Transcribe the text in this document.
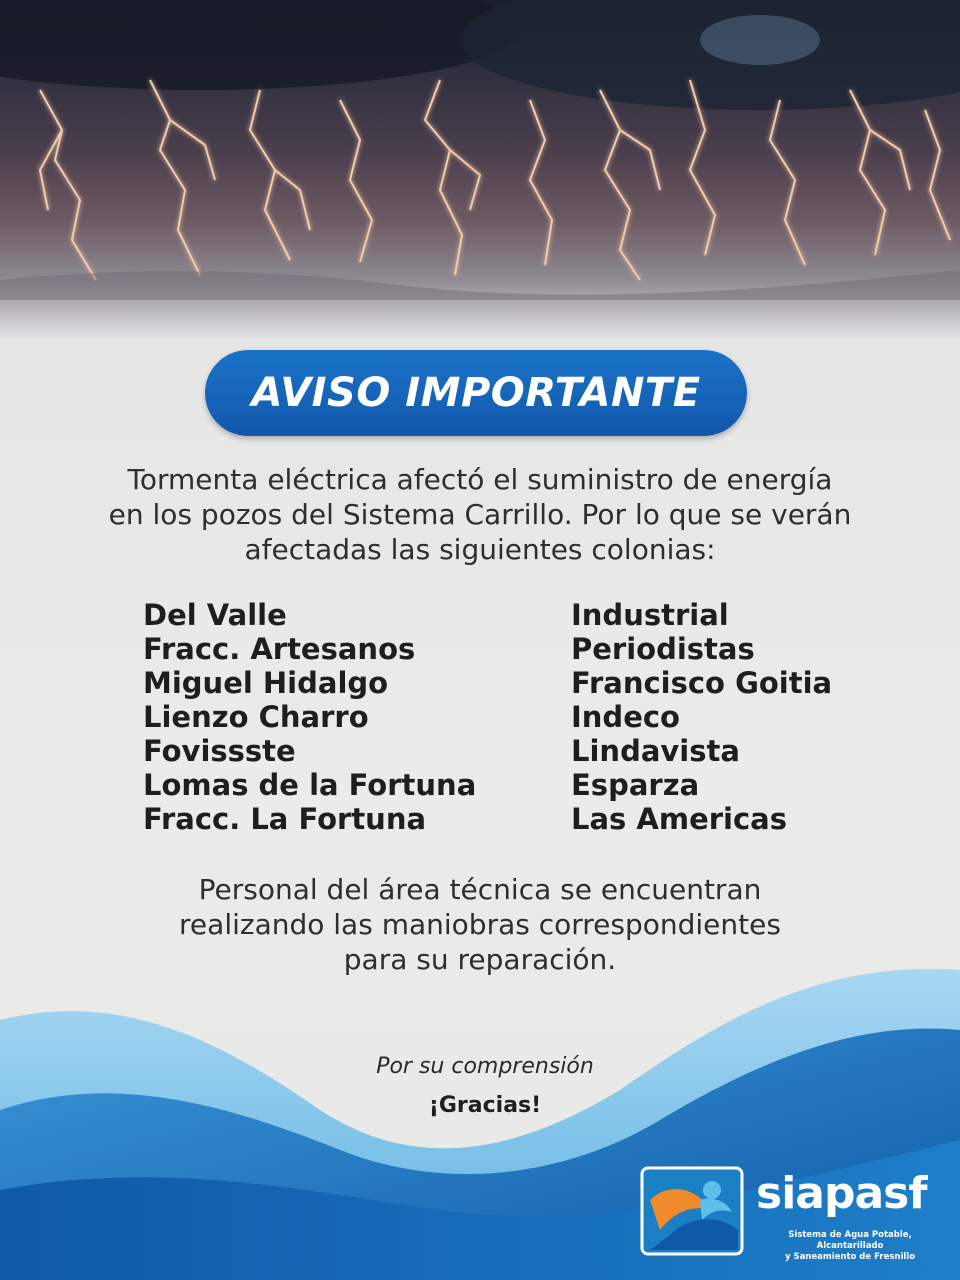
AVISO IMPORTANTE
Tormenta eléctrica afectó el suministro de energía
en los pozos del Sistema Carrillo. Por lo que se verán
afectadas las siguientes colonias:
Del Valle
Fracc. Artesanos
Miguel Hidalgo
Lienzo Charro
Fovissste
Lomas de la Fortuna
Fracc. La Fortuna
Industrial
Periodistas
Francisco Goitia
Indeco
Lindavista
Esparza
Las Americas
Personal del área técnica se encuentran
realizando las maniobras correspondientes
para su reparación.
Por su comprensión
¡Gracias!
siapasf
Sistema de Agua Potable, Alcantarillado
y Saneamiento de Fresnillo
